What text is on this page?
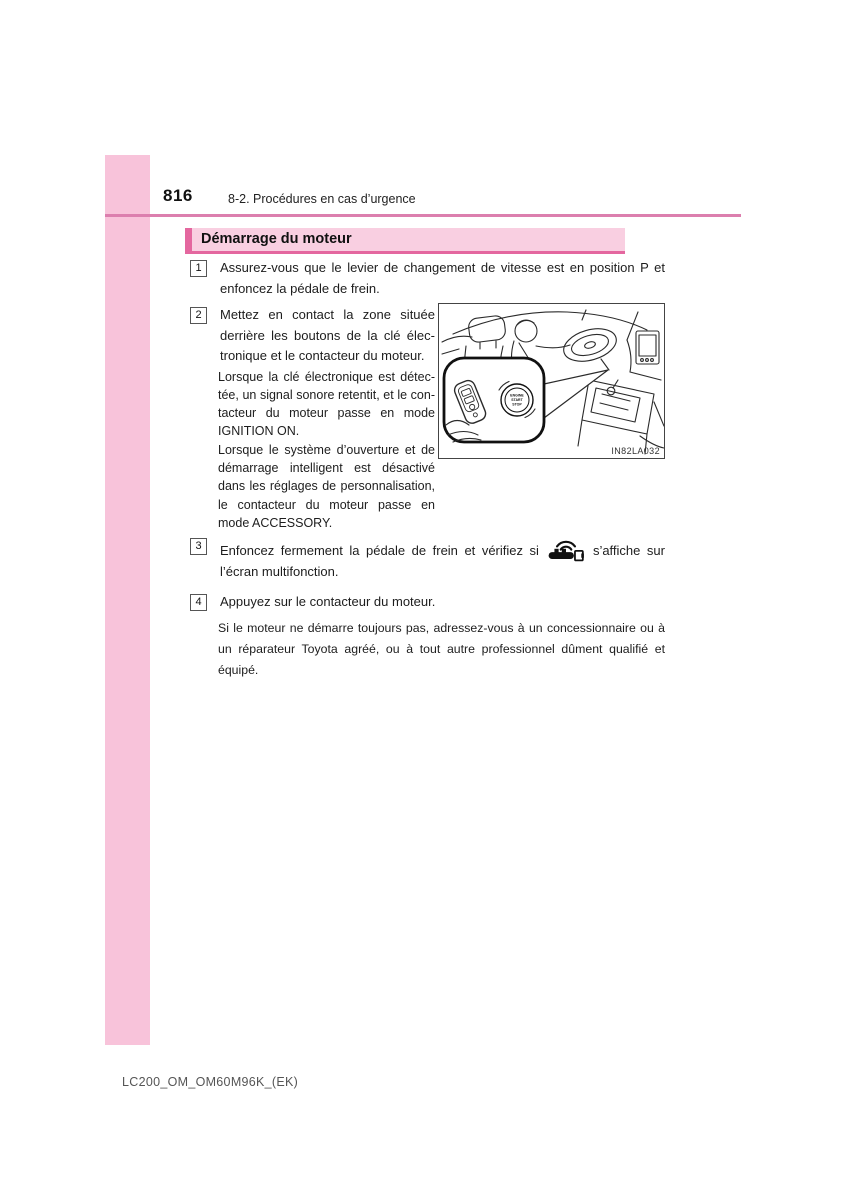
816	8-2. Procédures en cas d’urgence
Démarrage du moteur
1	Assurez-vous que le levier de changement de vitesse est en position P et enfoncez la pédale de frein.
2	Mettez en contact la zone située derrière les boutons de la clé électronique et le contacteur du moteur.
Lorsque la clé électronique est détectée, un signal sonore retentit, et le contacteur du moteur passe en mode IGNITION ON.
Lorsque le système d’ouverture et de démarrage intelligent est désactivé dans les réglages de personnalisation, le contacteur du moteur passe en mode ACCESSORY.
ENGINE
START
STOP
IN82LA032
3	Enfoncez fermement la pédale de frein et vérifiez si	s’affiche sur l’écran multifonction.
4	Appuyez sur le contacteur du moteur.
Si le moteur ne démarre toujours pas, adressez-vous à un concessionnaire ou à un réparateur Toyota agréé, ou à tout autre professionnel dûment qualifié et équipé.
LC200_OM_OM60M96K_(EK)
